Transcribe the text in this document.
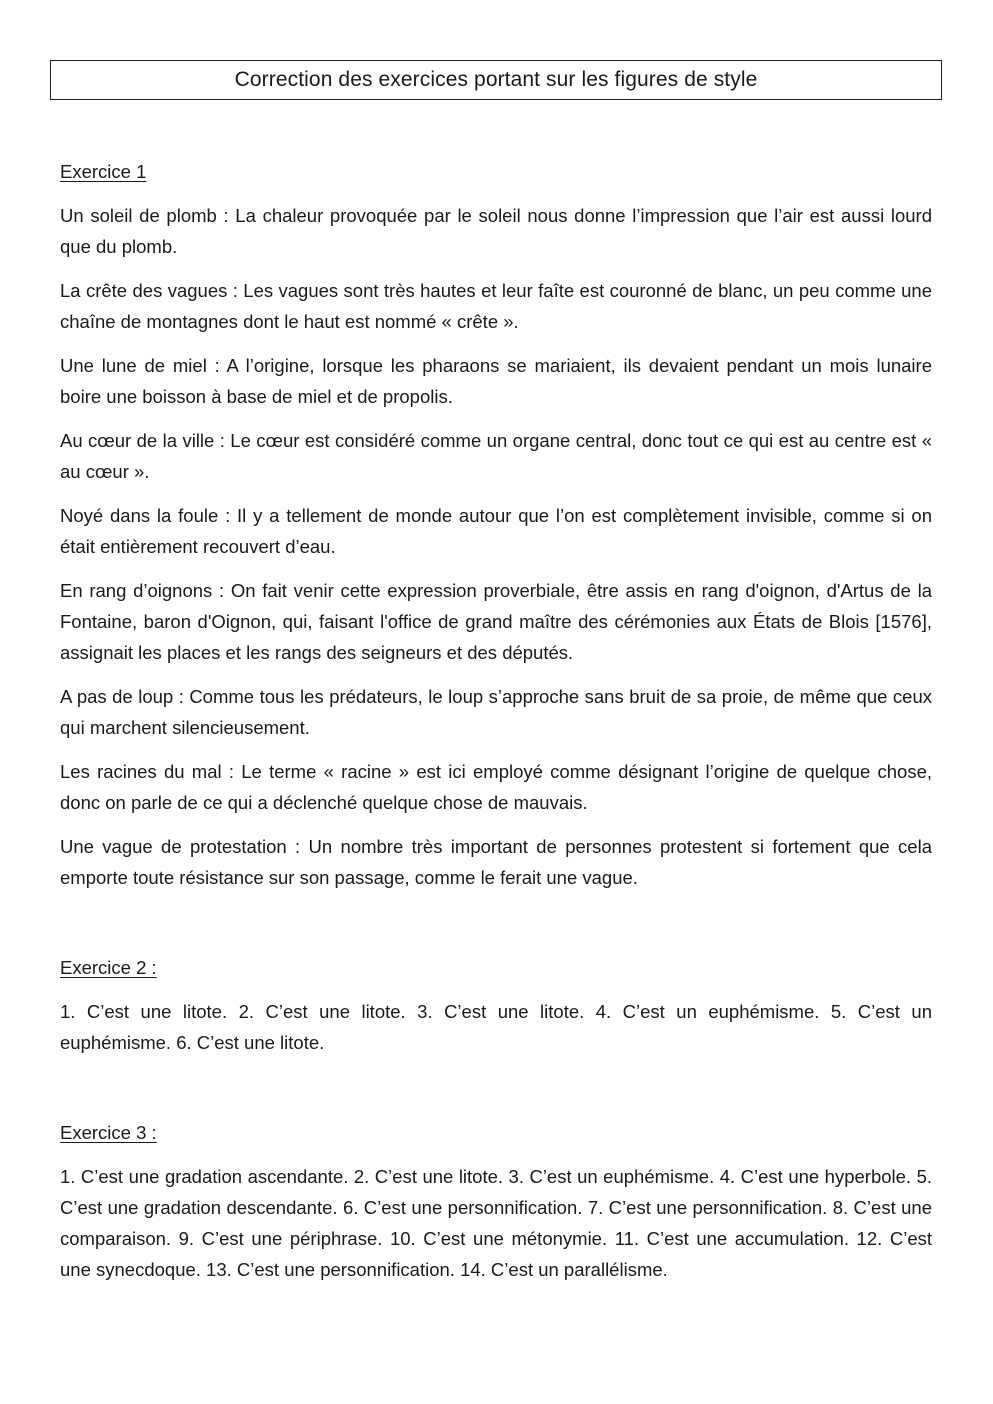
Correction des exercices portant sur les figures de style
Exercice 1

Un soleil de plomb : La chaleur provoquée par le soleil nous donne l’impression que l’air est aussi lourd que du plomb.

La crête des vagues : Les vagues sont très hautes et leur faîte est couronné de blanc, un peu comme une chaîne de montagnes dont le haut est nommé « crête ».

Une lune de miel : A l’origine, lorsque les pharaons se mariaient, ils devaient pendant un mois lunaire boire une boisson à base de miel et de propolis.

Au cœur de la ville : Le cœur est considéré comme un organe central, donc tout ce qui est au centre est « au cœur ».

Noyé dans la foule : Il y a tellement de monde autour que l’on est complètement invisible, comme si on était entièrement recouvert d’eau.

En rang d’oignons : On fait venir cette expression proverbiale, être assis en rang d'oignon, d'Artus de la Fontaine, baron d'Oignon, qui, faisant l'office de grand maître des cérémonies aux États de Blois [1576], assignait les places et les rangs des seigneurs et des députés.

A pas de loup : Comme tous les prédateurs, le loup s’approche sans bruit de sa proie, de même que ceux qui marchent silencieusement.

Les racines du mal : Le terme « racine » est ici employé comme désignant l’origine de quelque chose, donc on parle de ce qui a déclenché quelque chose de mauvais.

Une vague de protestation : Un nombre très important de personnes protestent si fortement que cela emporte toute résistance sur son passage, comme le ferait une vague.

Exercice 2 :

1. C’est une litote. 2. C’est une litote. 3. C’est une litote. 4. C’est un euphémisme. 5. C’est un euphémisme. 6. C’est une litote.

Exercice 3 :

1. C’est une gradation ascendante. 2. C’est une litote. 3. C’est un euphémisme. 4. C’est une hyperbole. 5. C’est une gradation descendante. 6. C’est une personnification. 7. C’est une personnification. 8. C’est une comparaison. 9. C’est une périphrase. 10. C’est une métonymie. 11. C’est une accumulation. 12. C’est une synecdoque. 13. C’est une personnification. 14. C’est un parallélisme.
